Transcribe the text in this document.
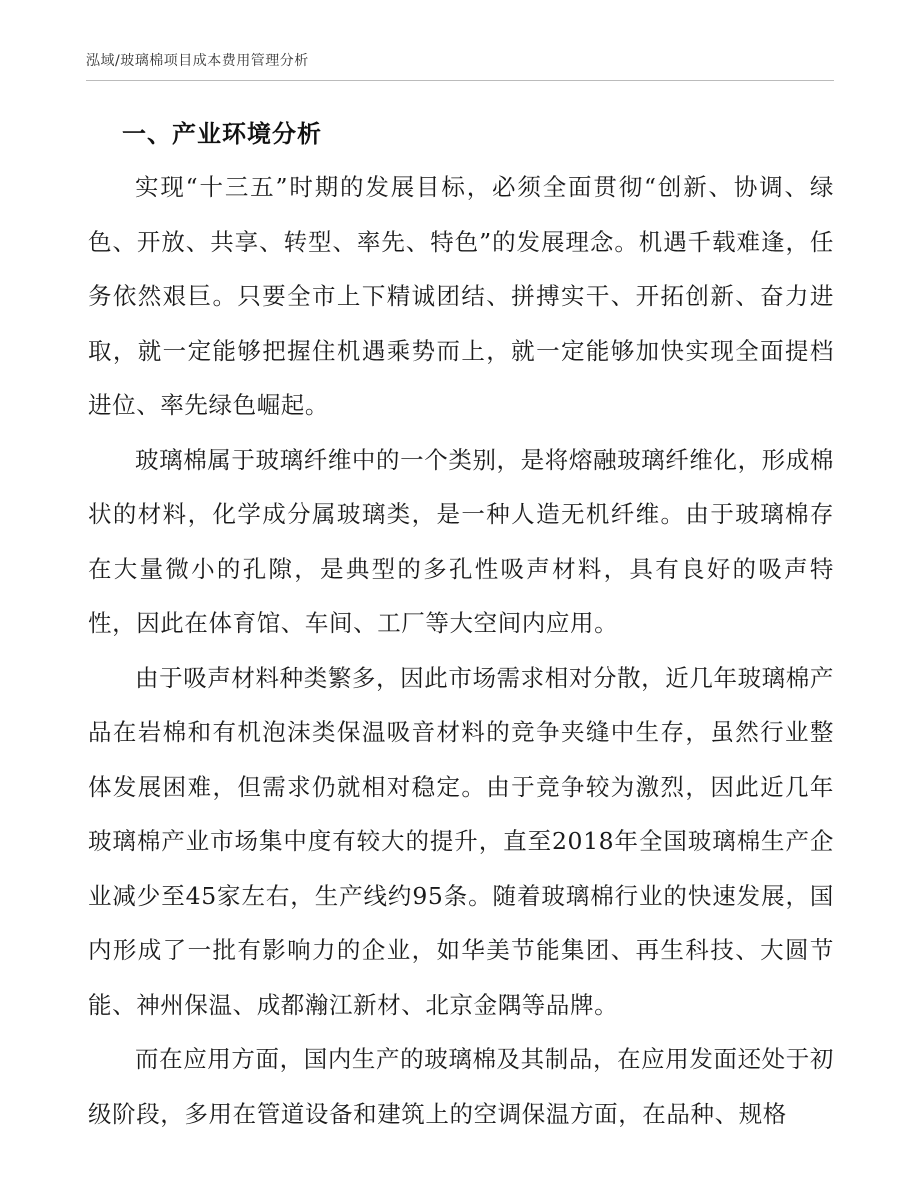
泓域/玻璃棉项目成本费用管理分析
一、产业环境分析

实现“十三五”时期的发展目标，必须全面贯彻“创新、协调、绿色、开放、共享、转型、率先、特色”的发展理念。机遇千载难逢，任务依然艰巨。只要全市上下精诚团结、拼搏实干、开拓创新、奋力进取，就一定能够把握住机遇乘势而上，就一定能够加快实现全面提档进位、率先绿色崛起。

玻璃棉属于玻璃纤维中的一个类别，是将熔融玻璃纤维化，形成棉状的材料，化学成分属玻璃类，是一种人造无机纤维。由于玻璃棉存在大量微小的孔隙，是典型的多孔性吸声材料，具有良好的吸声特性，因此在体育馆、车间、工厂等大空间内应用。

由于吸声材料种类繁多，因此市场需求相对分散，近几年玻璃棉产品在岩棉和有机泡沫类保温吸音材料的竞争夹缝中生存，虽然行业整体发展困难，但需求仍就相对稳定。由于竞争较为激烈，因此近几年玻璃棉产业市场集中度有较大的提升，直至2018年全国玻璃棉生产企业减少至45家左右，生产线约95条。随着玻璃棉行业的快速发展，国内形成了一批有影响力的企业，如华美节能集团、再生科技、大圆节能、神州保温、成都瀚江新材、北京金隅等品牌。

而在应用方面，国内生产的玻璃棉及其制品，在应用发面还处于初级阶段，多用在管道设备和建筑上的空调保温方面，在品种、规格
